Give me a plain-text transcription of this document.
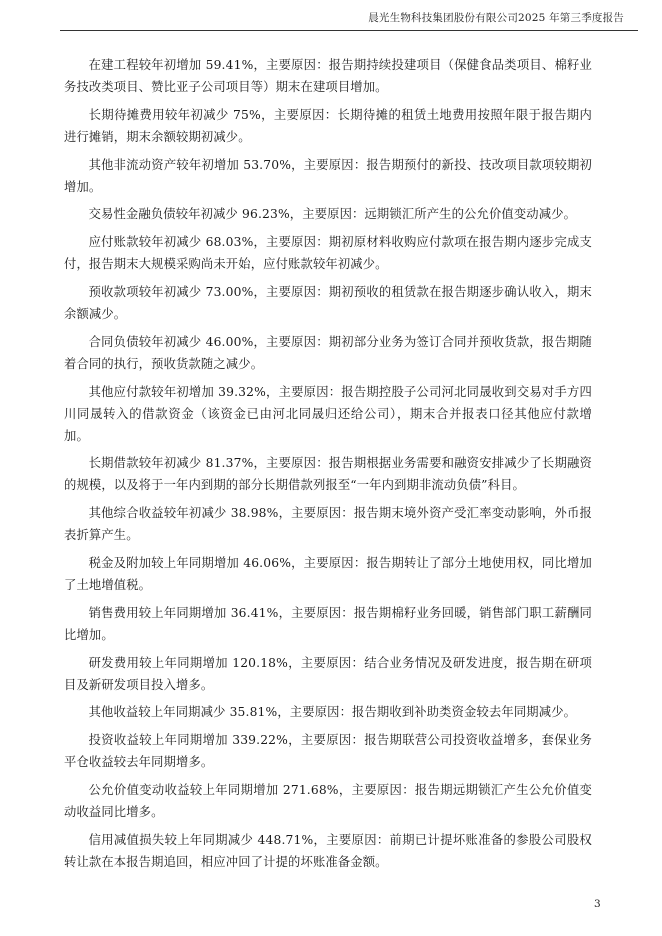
晨光生物科技集团股份有限公司2025 年第三季度报告

在建工程较年初增加 59.41%，主要原因：报告期持续投建项目（保健食品类项目、棉籽业务技改类项目、赞比亚子公司项目等）期末在建项目增加。

长期待摊费用较年初减少 75%，主要原因：长期待摊的租赁土地费用按照年限于报告期内进行摊销，期末余额较期初减少。

其他非流动资产较年初增加 53.70%，主要原因：报告期预付的新投、技改项目款项较期初增加。

交易性金融负债较年初减少 96.23%，主要原因：远期锁汇所产生的公允价值变动减少。

应付账款较年初减少 68.03%，主要原因：期初原材料收购应付款项在报告期内逐步完成支付，报告期末大规模采购尚未开始，应付账款较年初减少。

预收款项较年初减少 73.00%，主要原因：期初预收的租赁款在报告期逐步确认收入，期末余额减少。

合同负债较年初减少 46.00%，主要原因：期初部分业务为签订合同并预收货款，报告期随着合同的执行，预收货款随之减少。

其他应付款较年初增加 39.32%，主要原因：报告期控股子公司河北同晟收到交易对手方四川同晟转入的借款资金（该资金已由河北同晟归还给公司），期末合并报表口径其他应付款增加。

长期借款较年初减少 81.37%，主要原因：报告期根据业务需要和融资安排减少了长期融资的规模，以及将于一年内到期的部分长期借款列报至“一年内到期非流动负债”科目。

其他综合收益较年初减少 38.98%，主要原因：报告期末境外资产受汇率变动影响，外币报表折算产生。

税金及附加较上年同期增加 46.06%，主要原因：报告期转让了部分土地使用权，同比增加了土地增值税。

销售费用较上年同期增加 36.41%，主要原因：报告期棉籽业务回暖，销售部门职工薪酬同比增加。

研发费用较上年同期增加 120.18%，主要原因：结合业务情况及研发进度，报告期在研项目及新研发项目投入增多。

其他收益较上年同期减少 35.81%，主要原因：报告期收到补助类资金较去年同期减少。

投资收益较上年同期增加 339.22%，主要原因：报告期联营公司投资收益增多，套保业务平仓收益较去年同期增多。

公允价值变动收益较上年同期增加 271.68%，主要原因：报告期远期锁汇产生公允价值变动收益同比增多。

信用减值损失较上年同期减少 448.71%，主要原因：前期已计提坏账准备的参股公司股权转让款在本报告期追回，相应冲回了计提的坏账准备金额。

3
